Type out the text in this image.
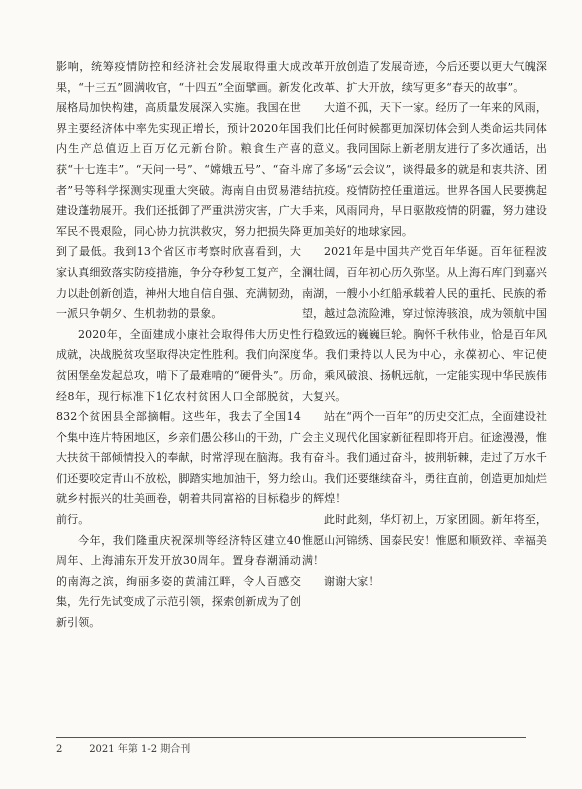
影响，统筹疫情防控和经济社会发展取得重大成果，“十三五”圆满收官，“十四五”全面擘画。新发展格局加快构建，高质量发展深入实施。我国在世界主要经济体中率先实现正增长，预计2020年国内生产总值迈上百万亿元新台阶。粮食生产喜获“十七连丰”。“天问一号”、“嫦娥五号”、“奋斗者”号等科学探测实现重大突破。海南自由贸易港建设蓬勃展开。我们还抵御了严重洪涝灾害，广大军民不畏艰险，同心协力抗洪救灾，努力把损失降到了最低。我到13个省区市考察时欣喜看到，大家认真细致落实防疫措施，争分夺秒复工复产，全力以赴创新创造，神州大地自信自强、充满韧劲，一派只争朝夕、生机勃勃的景象。

2020年，全面建成小康社会取得伟大历史性成就，决战脱贫攻坚取得决定性胜利。我们向深度贫困堡垒发起总攻，啃下了最难啃的“硬骨头”。历经8年，现行标准下1亿农村贫困人口全部脱贫，832个贫困县全部摘帽。这些年，我去了全国14个集中连片特困地区，乡亲们愚公移山的干劲，广大扶贫干部倾情投入的奉献，时常浮现在脑海。我们还要咬定青山不放松，脚踏实地加油干，努力绘就乡村振兴的壮美画卷，朝着共同富裕的目标稳步前行。

今年，我们隆重庆祝深圳等经济特区建立40周年、上海浦东开发开放30周年。置身春潮涌动的南海之滨，绚丽多姿的黄浦江畔，令人百感交集，先行先试变成了示范引领，探索创新成为了创新引领。

改革开放创造了发展奇迹，今后还要以更大气魄深化改革、扩大开放，续写更多“春天的故事”。

大道不孤，天下一家。经历了一年来的风雨，我们比任何时候都更加深切体会到人类命运共同体的意义。我同国际上新老朋友进行了多次通话，出席了多场“云会议”，谈得最多的就是和衷共济、团结抗疫。疫情防控任重道远。世界各国人民要携起手来，风雨同舟，早日驱散疫情的阴霾，努力建设更加美好的地球家园。

2021年是中国共产党百年华诞。百年征程波澜壮阔，百年初心历久弥坚。从上海石库门到嘉兴南湖，一艘小小红船承载着人民的重托、民族的希望，越过急流险滩，穿过惊涛骇浪，成为领航中国行稳致远的巍巍巨轮。胸怀千秋伟业，恰是百年风华。我们秉持以人民为中心，永葆初心、牢记使命，乘风破浪、扬帆远航，一定能实现中华民族伟大复兴。

站在“两个一百年”的历史交汇点，全面建设社会主义现代化国家新征程即将开启。征途漫漫，惟有奋斗。我们通过奋斗，披荆斩棘，走过了万水千山。我们还要继续奋斗，勇往直前，创造更加灿烂的辉煌！

此时此刻，华灯初上，万家团圆。新年将至，惟愿山河锦绣、国泰民安！惟愿和顺致祥、幸福美满！

谢谢大家！

2	2021 年第 1-2 期合刊
